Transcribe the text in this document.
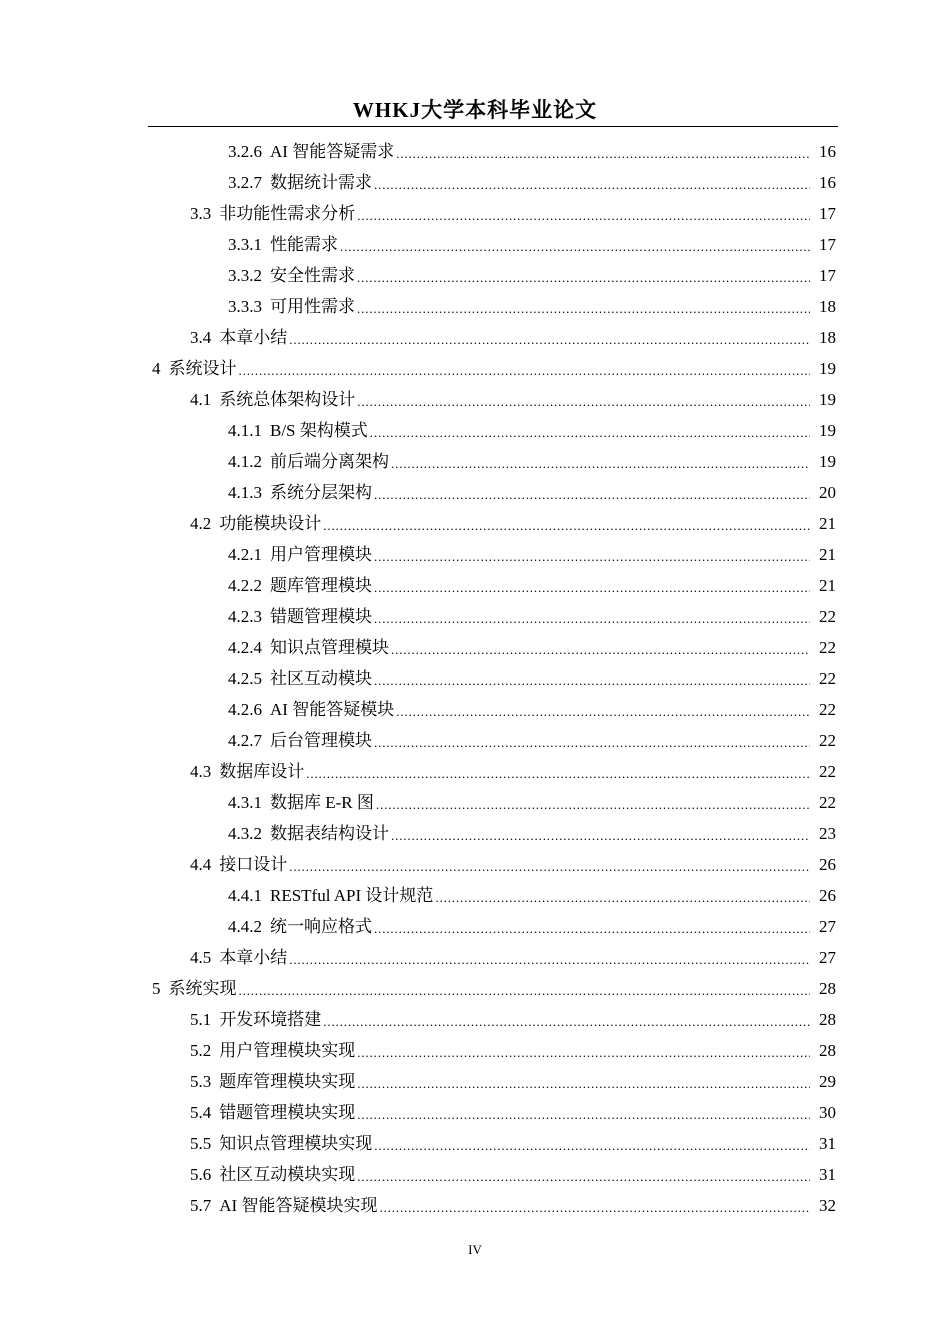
WHKJ大学本科毕业论文
3.2.6 AI 智能答疑需求 . . .	16
3.2.7 数据统计需求 . . .	16
3.3 非功能性需求分析 . . .	17
3.3.1 性能需求 . . .	17
3.3.2 安全性需求 . . .	17
3.3.3 可用性需求 . . .	18
3.4 本章小结 . . .	18
4 系统设计 . . .	19
4.1 系统总体架构设计 . . .	19
4.1.1 B/S 架构模式 . . .	19
4.1.2 前后端分离架构 . . .	19
4.1.3 系统分层架构 . . .	20
4.2 功能模块设计 . . .	21
4.2.1 用户管理模块 . . .	21
4.2.2 题库管理模块 . . .	21
4.2.3 错题管理模块 . . .	22
4.2.4 知识点管理模块 . . .	22
4.2.5 社区互动模块 . . .	22
4.2.6 AI 智能答疑模块 . . .	22
4.2.7 后台管理模块 . . .	22
4.3 数据库设计 . . .	22
4.3.1 数据库 E-R 图 . . .	22
4.3.2 数据表结构设计 . . .	23
4.4 接口设计 . . .	26
4.4.1 RESTful API 设计规范 . . .	26
4.4.2 统一响应格式 . . .	27
4.5 本章小结 . . .	27
5 系统实现 . . .	28
5.1 开发环境搭建 . . .	28
5.2 用户管理模块实现 . . .	28
5.3 题库管理模块实现 . . .	29
5.4 错题管理模块实现 . . .	30
5.5 知识点管理模块实现 . . .	31
5.6 社区互动模块实现 . . .	31
5.7 AI 智能答疑模块实现 . . .	32
IV
